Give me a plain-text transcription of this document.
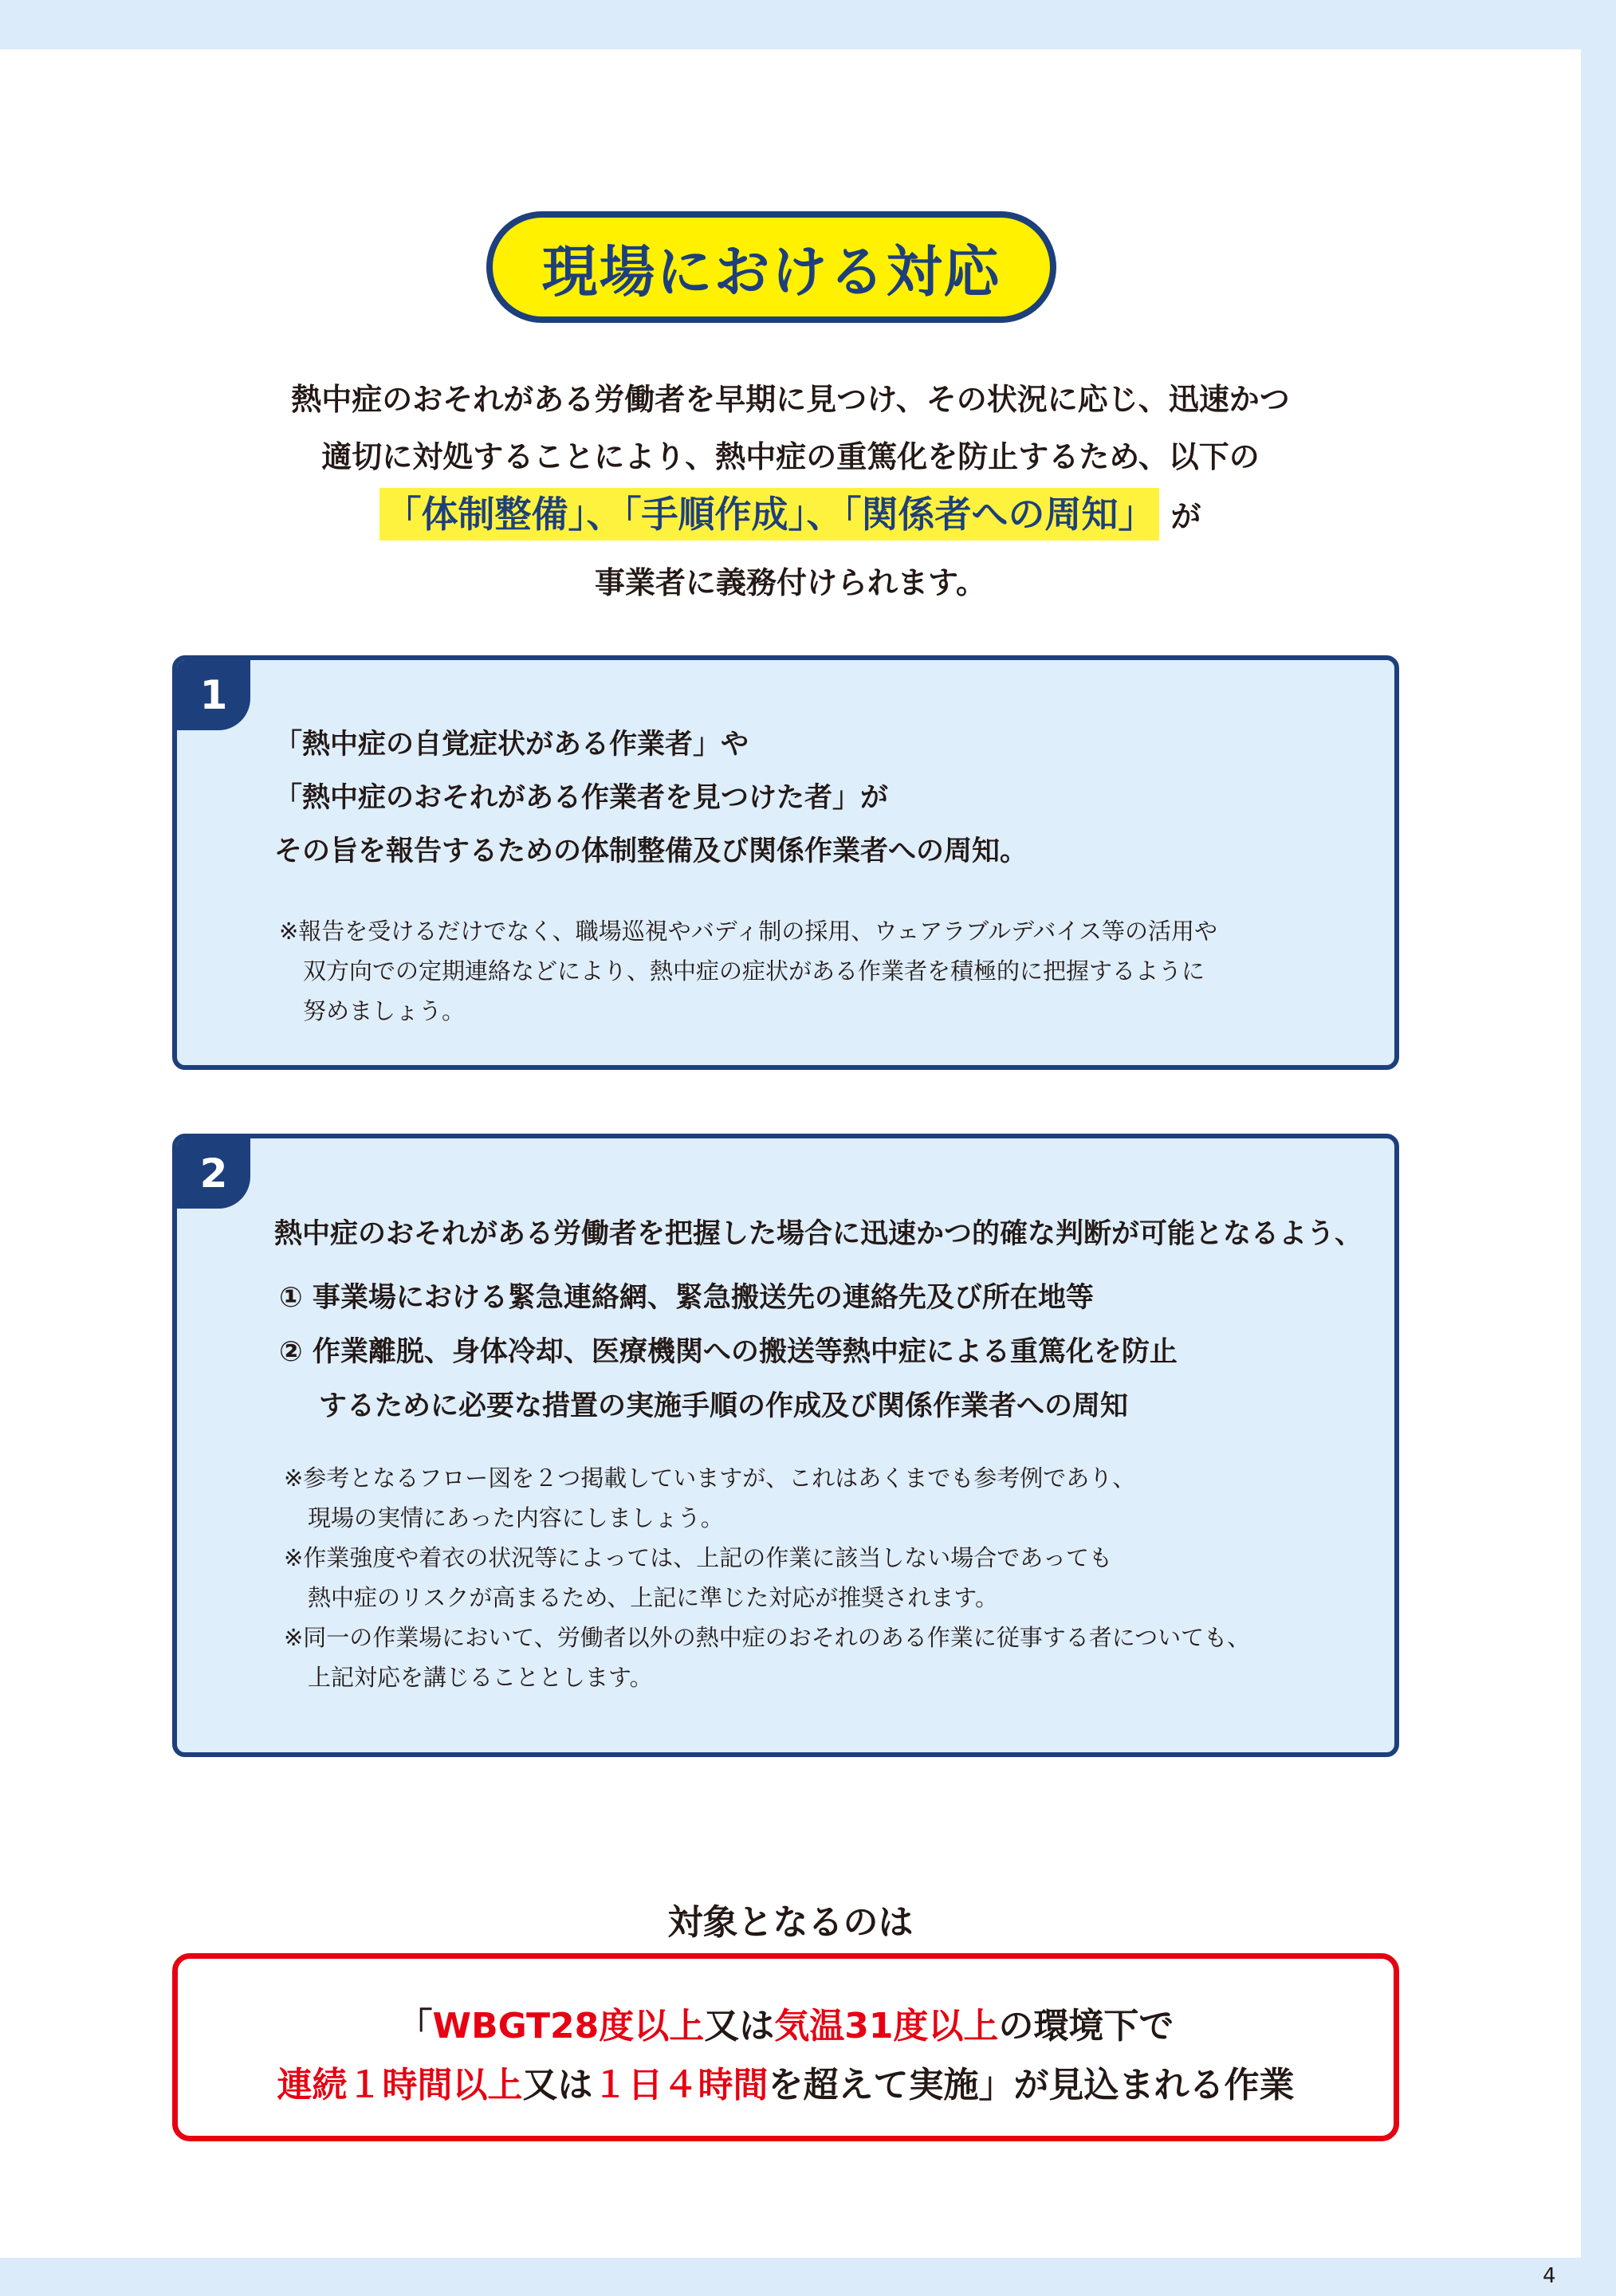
現場における対応
熱中症のおそれがある労働者を早期に見つけ、その状況に応じ、迅速かつ
適切に対処することにより、熱中症の重篤化を防止するため、以下の
「体制整備」、「手順作成」、「関係者への周知」 が
事業者に義務付けられます。
1
「熱中症の自覚症状がある作業者」や
「熱中症のおそれがある作業者を見つけた者」が
その旨を報告するための体制整備及び関係作業者への周知。
※報告を受けるだけでなく、職場巡視やバディ制の採用、ウェアラブルデバイス等の活用や
双方向での定期連絡などにより、熱中症の症状がある作業者を積極的に把握するように
努めましょう。
2
熱中症のおそれがある労働者を把握した場合に迅速かつ的確な判断が可能となるよう、
① 事業場における緊急連絡網、緊急搬送先の連絡先及び所在地等
② 作業離脱、身体冷却、医療機関への搬送等熱中症による重篤化を防止
するために必要な措置の実施手順の作成及び関係作業者への周知
※参考となるフロー図を２つ掲載していますが、これはあくまでも参考例であり、
現場の実情にあった内容にしましょう。
※作業強度や着衣の状況等によっては、上記の作業に該当しない場合であっても
熱中症のリスクが高まるため、上記に準じた対応が推奨されます。
※同一の作業場において、労働者以外の熱中症のおそれのある作業に従事する者についても、
上記対応を講じることとします。
対象となるのは
「WBGT28度以上又は気温31度以上の環境下で
連続１時間以上又は１日４時間を超えて実施」が見込まれる作業
4
